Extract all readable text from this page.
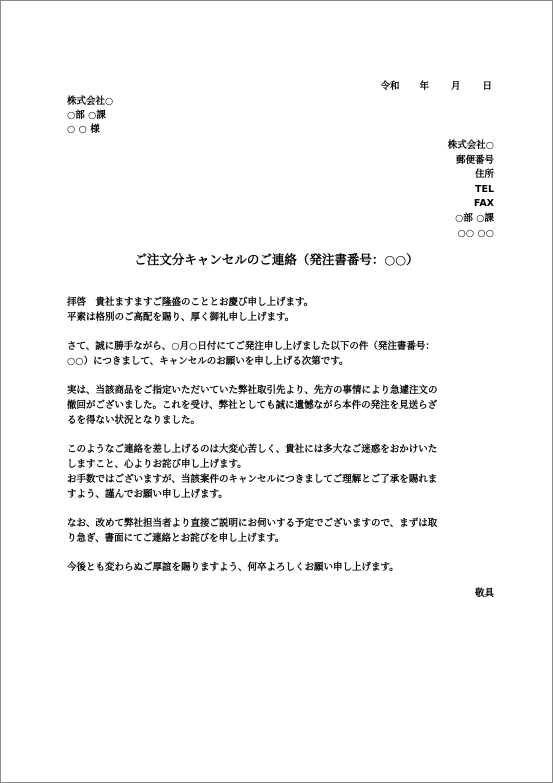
令和 年 月 日
株式会社○
○部 ○課
○ ○ 様
株式会社○
郵便番号
住所
TEL
FAX
○部 ○課
○○ ○○
ご注文分キャンセルのご連絡（発注書番号：○○）
拝啓　貴社ますますご隆盛のこととお慶び申し上げます。
平素は格別のご高配を賜り、厚く御礼申し上げます。
さて、誠に勝手ながら、○月○日付にてご発注申し上げました以下の件（発注書番号：
○○）につきまして、キャンセルのお願いを申し上げる次第です。
実は、当該商品をご指定いただいていた弊社取引先より、先方の事情により急遽注文の
撤回がございました。これを受け、弊社としても誠に遺憾ながら本件の発注を見送らざ
るを得ない状況となりました。
このようなご連絡を差し上げるのは大変心苦しく、貴社には多大なご迷惑をおかけいた
しますこと、心よりお詫び申し上げます。
お手数ではございますが、当該案件のキャンセルにつきましてご理解とご了承を賜れま
すよう、謹んでお願い申し上げます。
なお、改めて弊社担当者より直接ご説明にお伺いする予定でございますので、まずは取
り急ぎ、書面にてご連絡とお詫びを申し上げます。
今後とも変わらぬご厚誼を賜りますよう、何卒よろしくお願い申し上げます。
敬具
